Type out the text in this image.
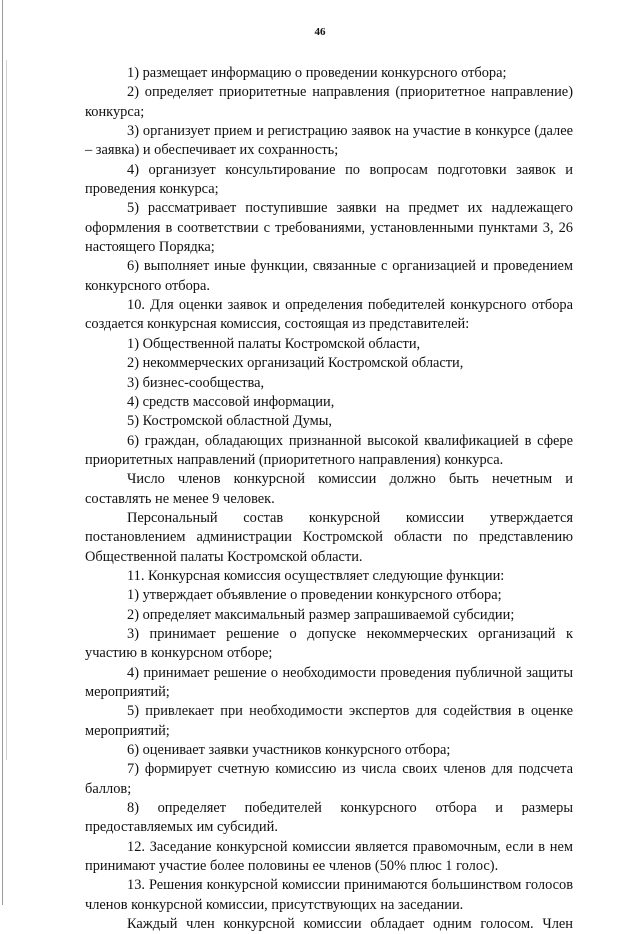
46

1) размещает информацию о проведении конкурсного отбора;

2) определяет приоритетные направления (приоритетное направление) конкурса;

3) организует прием и регистрацию заявок на участие в конкурсе (далее – заявка) и обеспечивает их сохранность;

4) организует консультирование по вопросам подготовки заявок и проведения конкурса;

5) рассматривает поступившие заявки на предмет их надлежащего оформления в соответствии с требованиями, установленными пунктами 3, 26 настоящего Порядка;

6) выполняет иные функции, связанные с организацией и проведением конкурсного отбора.

10. Для оценки заявок и определения победителей конкурсного отбора создается конкурсная комиссия, состоящая из представителей:

1) Общественной палаты Костромской области,

2) некоммерческих организаций Костромской области,

3) бизнес-сообщества,

4) средств массовой информации,

5) Костромской областной Думы,

6) граждан, обладающих признанной высокой квалификацией в сфере приоритетных направлений (приоритетного направления) конкурса.

Число членов конкурсной комиссии должно быть нечетным и составлять не менее 9 человек.

Персональный состав конкурсной комиссии утверждается постановлением администрации Костромской области по представлению Общественной палаты Костромской области.

11. Конкурсная комиссия осуществляет следующие функции:

1) утверждает объявление о проведении конкурсного отбора;

2) определяет максимальный размер запрашиваемой субсидии;

3) принимает решение о допуске некоммерческих организаций к участию в конкурсном отборе;

4) принимает решение о необходимости проведения публичной защиты мероприятий;

5) привлекает при необходимости экспертов для содействия в оценке мероприятий;

6) оценивает заявки участников конкурсного отбора;

7) формирует счетную комиссию из числа своих членов для подсчета баллов;

8) определяет победителей конкурсного отбора и размеры предоставляемых им субсидий.

12. Заседание конкурсной комиссии является правомочным, если в нем принимают участие более половины ее членов (50% плюс 1 голос).

13. Решения конкурсной комиссии принимаются большинством голосов членов конкурсной комиссии, присутствующих на заседании.

Каждый член конкурсной комиссии обладает одним голосом. Член
